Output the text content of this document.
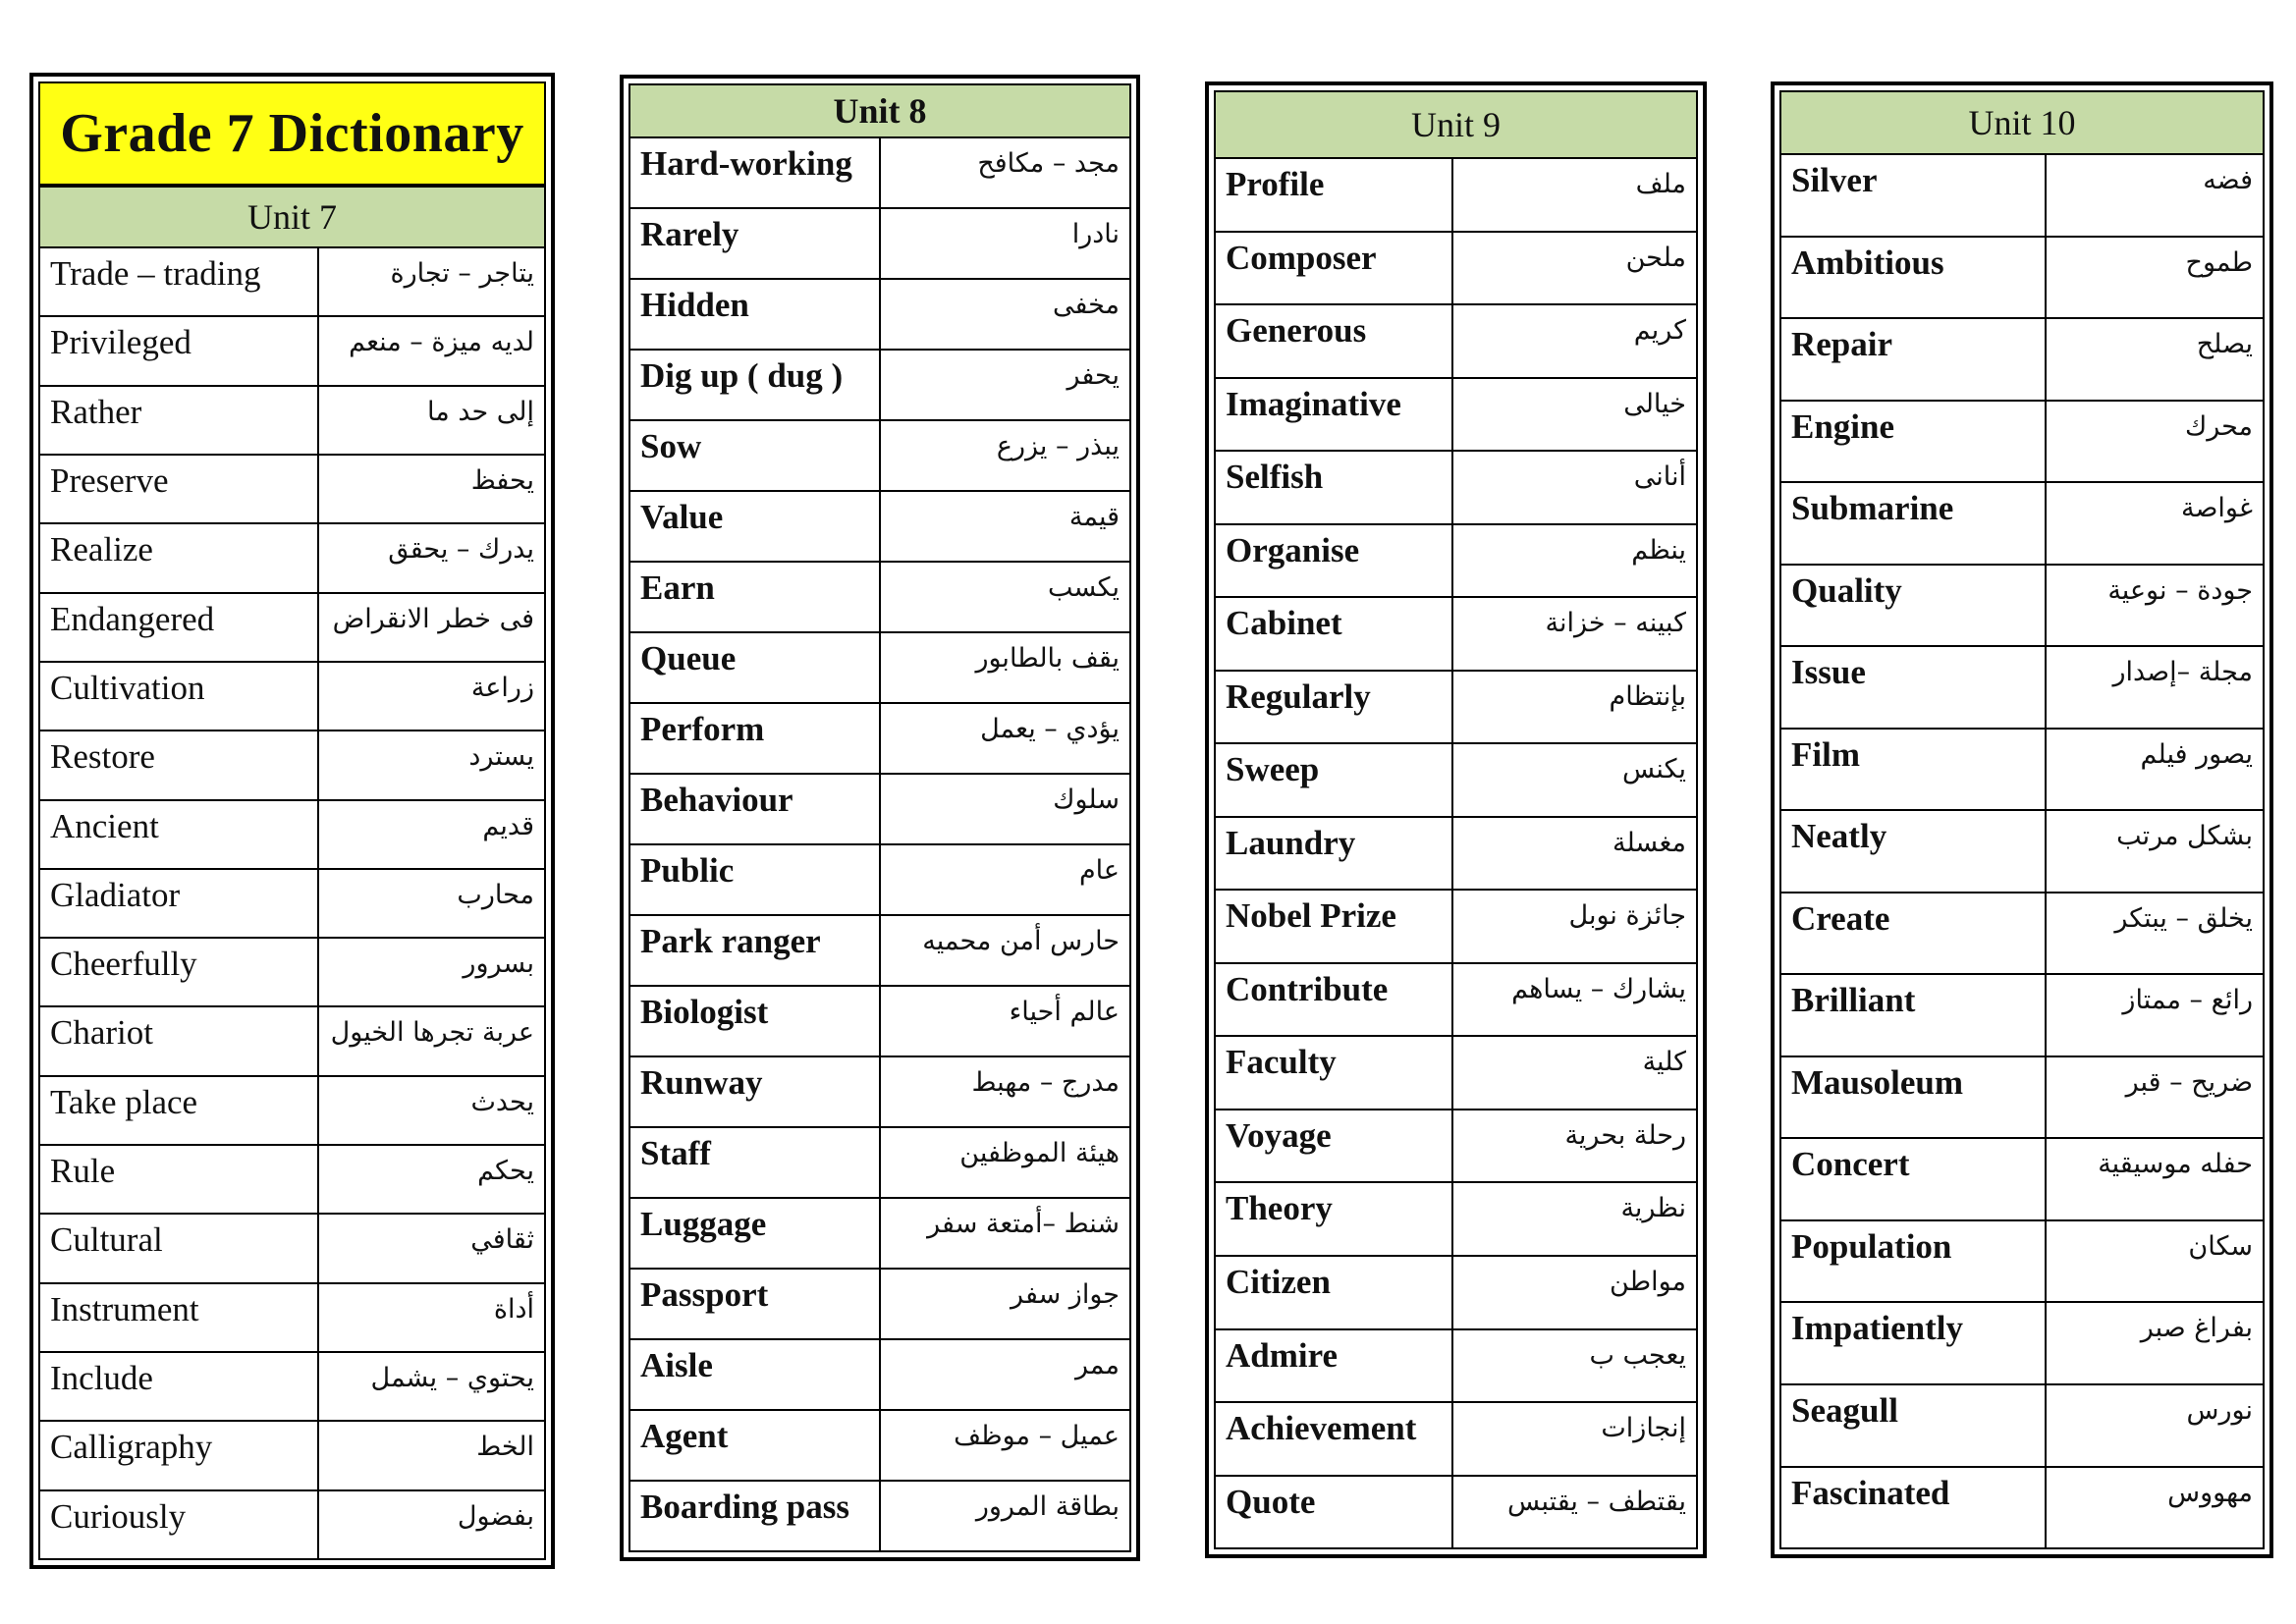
Grade 7 Dictionary
Unit 7
Trade – trading	يتاجر – تجارة
Privileged	لديه ميزة – منعم
Rather	إلى حد ما
Preserve	يحفظ
Realize	يدرك – يحقق
Endangered	فى خطر الانقراض
Cultivation	زراعة
Restore	يسترد
Ancient	قديم
Gladiator	محارب
Cheerfully	بسرور
Chariot	عربة تجرها الخيول
Take place	يحدث
Rule	يحكم
Cultural	ثقافي
Instrument	أداة
Include	يحتوي – يشمل
Calligraphy	الخط
Curiously	بفضول
Unit 8
Hard-working	مجد – مكافح
Rarely	نادرا
Hidden	مخفى
Dig up ( dug )	يحفر
Sow	يبذر – يزرع
Value	قيمة
Earn	يكسب
Queue	يقف بالطابور
Perform	يؤدي – يعمل
Behaviour	سلوك
Public	عام
Park ranger	حارس أمن محميه
Biologist	عالم أحياء
Runway	مدرج – مهبط
Staff	هيئة الموظفين
Luggage	شنط –أمتعة سفر
Passport	جواز سفر
Aisle	ممر
Agent	عميل – موظف
Boarding pass	بطاقة المرور
Unit 9
Profile	ملف
Composer	ملحن
Generous	كريم
Imaginative	خيالى
Selfish	أنانى
Organise	ينظم
Cabinet	كبينه – خزانة
Regularly	بإنتظام
Sweep	يكنس
Laundry	مغسلة
Nobel Prize	جائزة نوبل
Contribute	يشارك – يساهم
Faculty	كلية
Voyage	رحلة بحرية
Theory	نظرية
Citizen	مواطن
Admire	يعجب ب
Achievement	إنجازات
Quote	يقتطف – يقتبس
Unit 10
Silver	فضه
Ambitious	طموح
Repair	يصلح
Engine	محرك
Submarine	غواصة
Quality	جودة – نوعية
Issue	مجلة –إصدار
Film	يصور فيلم
Neatly	بشكل مرتب
Create	يخلق – يبتكر
Brilliant	رائع – ممتاز
Mausoleum	ضريح – قبر
Concert	حفله موسيقية
Population	سكان
Impatiently	بفراغ صبر
Seagull	نورس
Fascinated	مهووس
